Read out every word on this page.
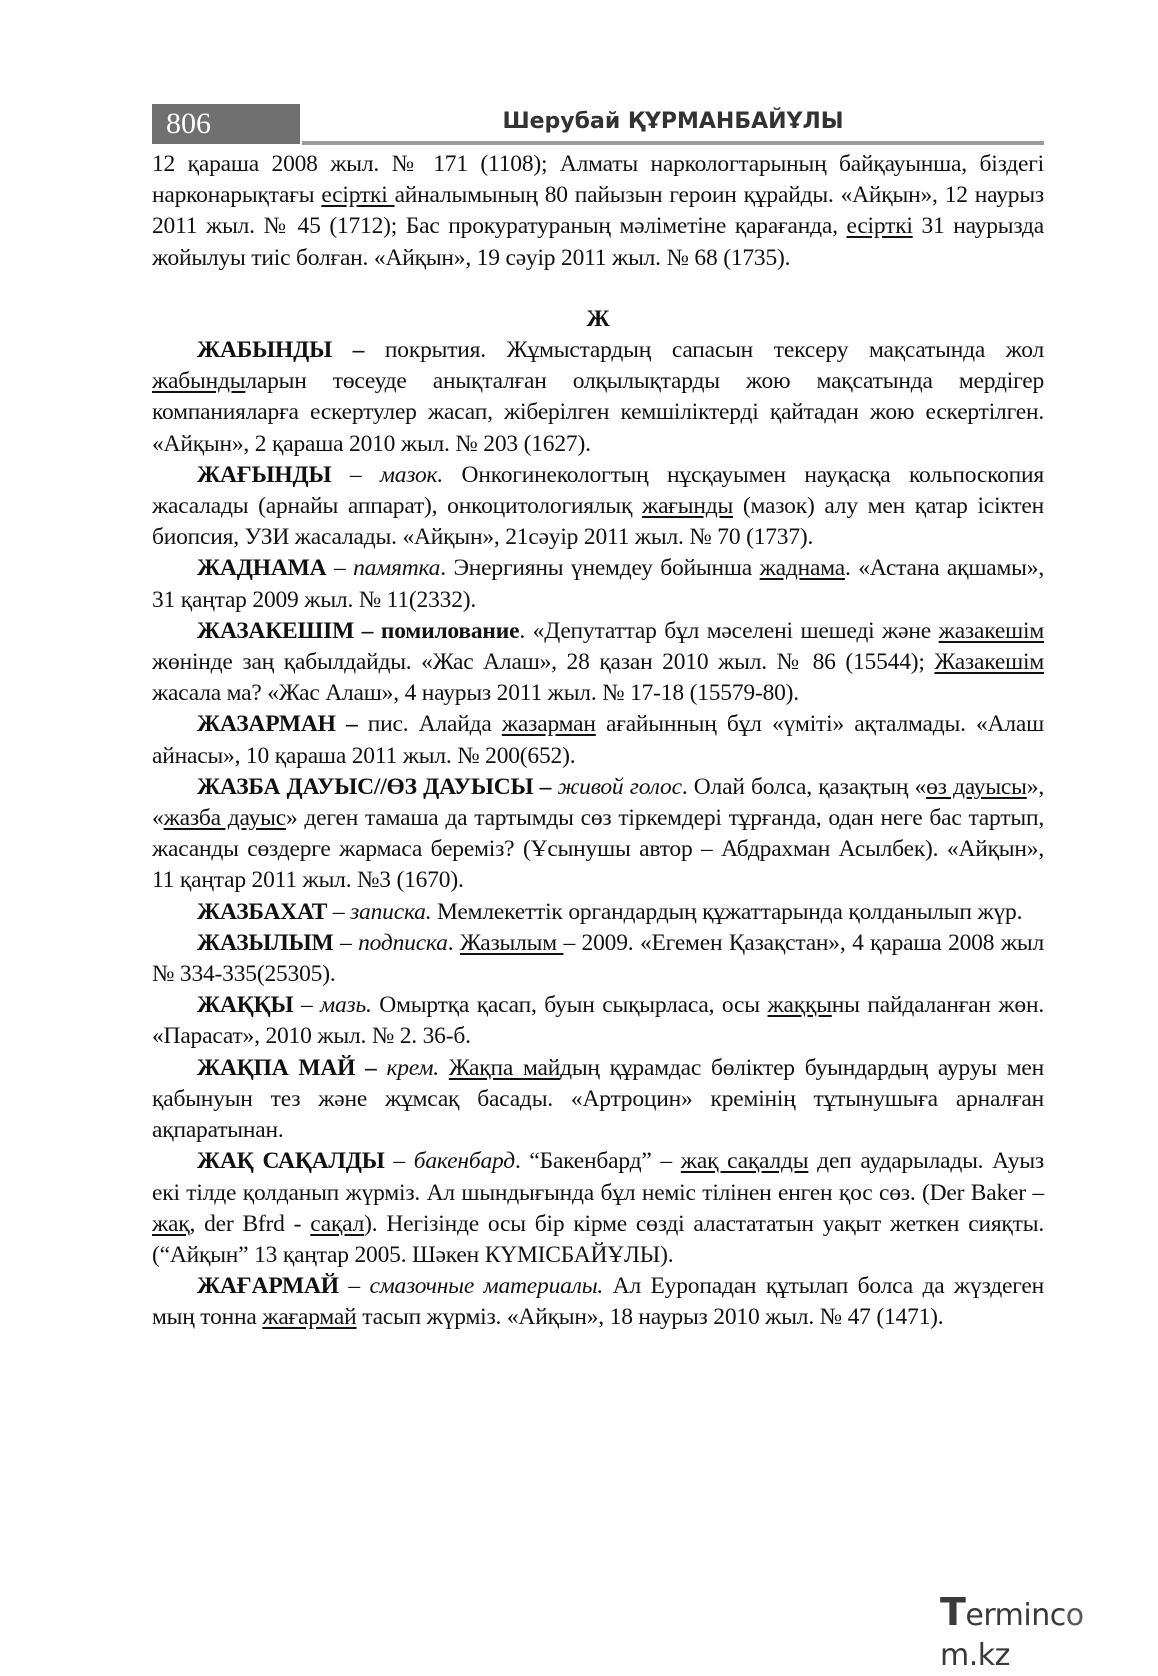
806	Шерубай ҚҰРМАНБАЙҰЛЫ

12 қараша 2008 жыл. № 171 (1108); Алматы наркологтарының байқауынша, біздегі нарконарықтағы есірткі айналымының 80 пайызын героин құрайды. «Айқын», 12 наурыз 2011 жыл. № 45 (1712); Бас прокуратураның мәліметіне қарағанда, есірткі 31 наурызда жойылуы тиіс болған. «Айқын», 19 сәуір 2011 жыл. № 68 (1735).

Ж

ЖАБЫНДЫ – покрытия. Жұмыстардың сапасын тексеру мақсатында жол жабындыларын төсеуде анықталған олқылықтарды жою мақсатында мердігер компанияларға ескертулер жасап, жіберілген кемшіліктерді қайтадан жою ескертілген. «Айқын», 2 қараша 2010 жыл. № 203 (1627).

ЖАҒЫНДЫ – мазок. Онкогинекологтың нұсқауымен науқасқа кольпоскопия жасалады (арнайы аппарат), онкоцитологиялық жағынды (мазок) алу мен қатар ісіктен биопсия, УЗИ жасалады. «Айқын», 21сәуір 2011 жыл. № 70 (1737).

ЖАДНАМА – памятка. Энергияны үнемдеу бойынша жаднама. «Астана ақшамы», 31 қаңтар 2009 жыл. № 11(2332).

ЖАЗАКЕШІМ – помилование. «Депутаттар бұл мәселені шешеді және жазакешім жөнінде заң қабылдайды. «Жас Алаш», 28 қазан 2010 жыл. № 86 (15544); Жазакешім жасала ма? «Жас Алаш», 4 наурыз 2011 жыл. № 17-18 (15579-80).

ЖАЗАРМАН – пис. Алайда жазарман ағайынның бұл «үміті» ақталмады. «Алаш айнасы», 10 қараша 2011 жыл. № 200(652).

ЖАЗБА ДАУЫС//ӨЗ ДАУЫСЫ – живой голос. Олай болса, қазақтың «өз дауысы», «жазба дауыс» деген тамаша да тартымды сөз тіркемдері тұрғанда, одан неге бас тартып, жасанды сөздерге жармаса береміз? (Ұсынушы автор – Абдрахман Асылбек). «Айқын», 11 қаңтар 2011 жыл. №3 (1670).

ЖАЗБАХАТ – записка. Мемлекеттік органдардың құжаттарында қолданылып жүр.

ЖАЗЫЛЫМ – подписка. Жазылым – 2009. «Егемен Қазақстан», 4 қараша 2008 жыл № 334-335(25305).

ЖАҚҚЫ – мазь. Омыртқа қасап, буын сықырласа, осы жаққыны пайдаланған жөн. «Парасат», 2010 жыл. № 2. 36-б.

ЖАҚПА МАЙ – крем. Жақпа майдың құрамдас бөліктер буындардың ауруы мен қабынуын тез және жұмсақ басады. «Артроцин» кремінің тұтынушыға арналған ақпаратынан.

ЖАҚ САҚАЛДЫ – бакенбард. “Бакенбард” – жақ сақалды деп аударылады. Ауыз екі тілде қолданып жүрміз. Ал шындығында бұл неміс тілінен енген қос сөз. (Der Baker – жақ, der Bfrd - сақал). Негізінде осы бір кірме сөзді аластататын уақыт жеткен сияқты. (“Айқын” 13 қаңтар 2005. Шәкен КҮМІСБАЙҰЛЫ).

ЖАҒАРМАЙ – смазочные материалы. Ал Еуропадан құтылап болса да жүздеген мың тонна жағармай тасып жүрміз. «Айқын», 18 наурыз 2010 жыл. № 47 (1471).

Termincom.kz
